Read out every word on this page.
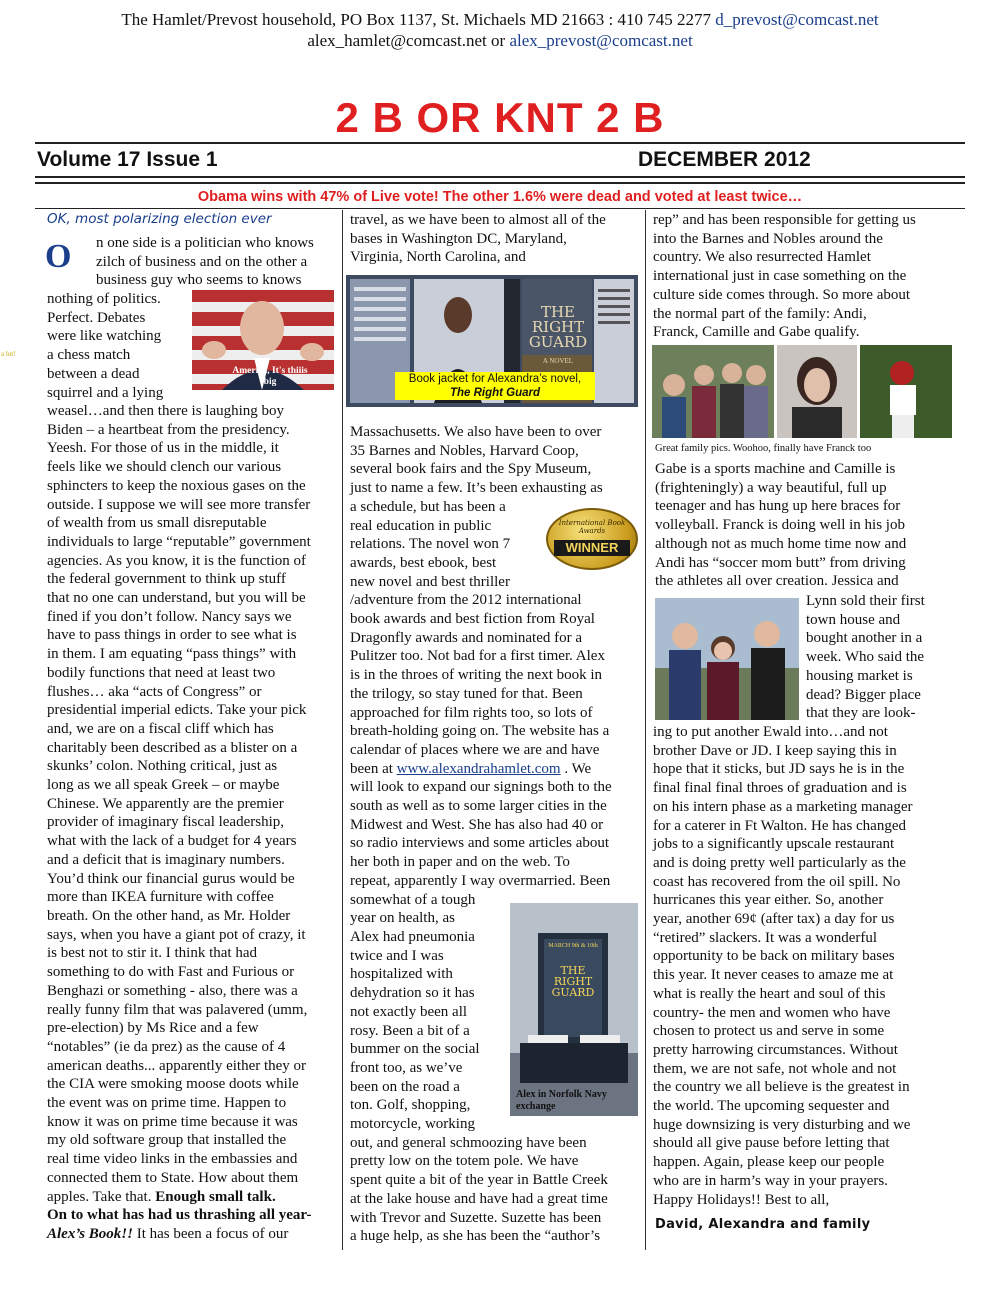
The Hamlet/Prevost household, PO Box 1137, St. Michaels MD 21663 : 410 745 2277 d_prevost@comcast.net
alex_hamlet@comcast.net or alex_prevost@comcast.net
2 B OR KNT 2 B
Volume 17 Issue 1	DECEMBER 2012
Obama wins with 47% of Live vote! The other 1.6% were dead and voted at least twice…
a lot!
OK, most polarizing election ever
O
America, It's thiiis big

n one side is a politician who knows

zilch of business and on the other a

business guy who seems to knows

nothing of politics.

Perfect. Debates

were like watching

a chess match

between a dead

squirrel and a lying

weasel…and then there is laughing boy

Biden – a heartbeat from the presidency.

Yeesh. For those of us in the middle, it

feels like we should clench our various

sphincters to keep the noxious gases on the

outside. I suppose we will see more transfer

of wealth from us small disreputable

individuals to large “reputable” government

agencies. As you know, it is the function of

the federal government to think up stuff

that no one can understand, but you will be

fined if you don’t follow. Nancy says we

have to pass things in order to see what is

in them. I am equating “pass things” with

bodily functions that need at least two

flushes… aka “acts of Congress” or

presidential imperial edicts. Take your pick

and, we are on a fiscal cliff which has

charitably been described as a blister on a

skunks’ colon. Nothing critical, just as

long as we all speak Greek – or maybe

Chinese. We apparently are the premier

provider of imaginary fiscal leadership,

what with the lack of a budget for 4 years

and a deficit that is imaginary numbers.

You’d think our financial gurus would be

more than IKEA furniture with coffee

breath. On the other hand, as Mr. Holder

says, when you have a giant pot of crazy, it

is best not to stir it. I think that had

something to do with Fast and Furious or

Benghazi or something - also, there was a

really funny film that was palavered (umm,

pre-election) by Ms Rice and a few

“notables” (ie da prez) as the cause of 4

american deaths... apparently either they or

the CIA were smoking moose doots while

the event was on prime time. Happen to

know it was on prime time because it was

my old software group that installed the

real time video links in the embassies and

connected them to State. How about them

apples. Take that. Enough small talk.

On to what has had us thrashing all year-

Alex’s Book!! It has been a focus of our

travel, as we have been to almost all of the

bases in Washington DC, Maryland,

Virginia, North Carolina, and

THE RIGHT GUARD
A NOVEL
Book jacket for Alexandra’s novel,
The Right Guard

Massachusetts. We also have been to over

35 Barnes and Nobles, Harvard Coop,

several book fairs and the Spy Museum,

just to name a few. It’s been exhausting as

a schedule, but has been a

real education in public

relations. The novel won 7

awards, best ebook, best

new novel and best thriller

/adventure from the 2012 international

book awards and best fiction from Royal

Dragonfly awards and nominated for a

Pulitzer too. Not bad for a first timer. Alex

is in the throes of writing the next book in

the trilogy, so stay tuned for that. Been

approached for film rights too, so lots of

breath-holding going on. The website has a

calendar of places where we are and have

been at www.alexandrahamlet.com . We

will look to expand our signings both to the

south as well as to some larger cities in the

Midwest and West. She has also had 40 or

so radio interviews and some articles about

her both in paper and on the web. To

repeat, apparently I way overmarried. Been

somewhat of a tough

year on health, as

Alex had pneumonia

twice and I was

hospitalized with

dehydration so it has

not exactly been all

rosy. Been a bit of a

bummer on the social

front too, as we’ve

been on the road a

ton. Golf, shopping,

motorcycle, working

out, and general schmoozing have been

pretty low on the totem pole. We have

spent quite a bit of the year in Battle Creek

at the lake house and have had a great time

with Trevor and Suzette. Suzette has been

a huge help, as she has been the “author’s

International Book Awards
WINNER
MARCH 9th & 10th
THE RIGHT GUARD
Alex in Norfolk Navy exchange

rep” and has been responsible for getting us

into the Barnes and Nobles around the

country. We also resurrected Hamlet

international just in case something on the

culture side comes through. So more about

the normal part of the family: Andi,

Franck, Camille and Gabe qualify.

Great family pics. Woohoo, finally have Franck too

Gabe is a sports machine and Camille is

(frighteningly) a way beautiful, full up

teenager and has hung up here braces for

volleyball. Franck is doing well in his job

although not as much home time now and

Andi has “soccer mom butt” from driving

the athletes all over creation. Jessica and

Lynn sold their first

town house and

bought another in a

week. Who said the

housing market is

dead? Bigger place

that they are look-

ing to put another Ewald into…and not

brother Dave or JD. I keep saying this in

hope that it sticks, but JD says he is in the

final final final throes of graduation and is

on his intern phase as a marketing manager

for a caterer in Ft Walton. He has changed

jobs to a significantly upscale restaurant

and is doing pretty well particularly as the

coast has recovered from the oil spill. No

hurricanes this year either. So, another

year, another 69¢ (after tax) a day for us

“retired” slackers. It was a wonderful

opportunity to be back on military bases

this year. It never ceases to amaze me at

what is really the heart and soul of this

country- the men and women who have

chosen to protect us and serve in some

pretty harrowing circumstances. Without

them, we are not safe, not whole and not

the country we all believe is the greatest in

the world. The upcoming sequester and

huge downsizing is very disturbing and we

should all give pause before letting that

happen. Again, please keep our people

who are in harm’s way in your prayers.

Happy Holidays!! Best to all,

David, Alexandra and family
